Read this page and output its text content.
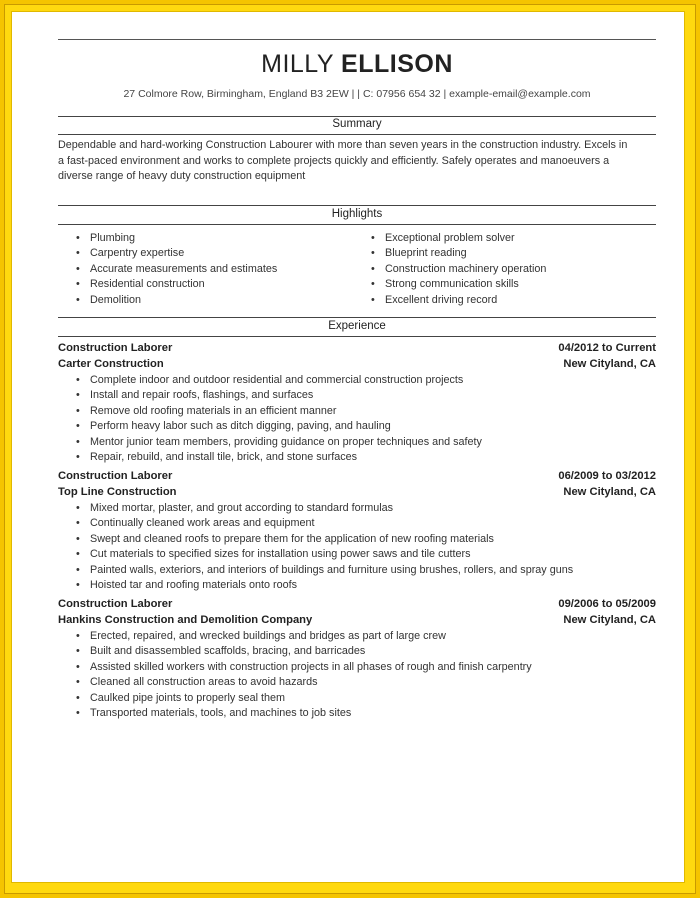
MILLY ELLISON
27 Colmore Row, Birmingham, England B3 2EW | | C: 07956 654 32 | example-email@example.com
Summary
Dependable and hard-working Construction Labourer with more than seven years in the construction industry. Excels in a fast-paced environment and works to complete projects quickly and efficiently. Safely operates and manoeuvers a diverse range of heavy duty construction equipment
Highlights
• Plumbing
• Carpentry expertise
• Accurate measurements and estimates
• Residential construction
• Demolition
• Exceptional problem solver
• Blueprint reading
• Construction machinery operation
• Strong communication skills
• Excellent driving record
Experience
Construction Laborer	04/2012 to Current
Carter Construction	New Cityland, CA
• Complete indoor and outdoor residential and commercial construction projects
• Install and repair roofs, flashings, and surfaces
• Remove old roofing materials in an efficient manner
• Perform heavy labor such as ditch digging, paving, and hauling
• Mentor junior team members, providing guidance on proper techniques and safety
• Repair, rebuild, and install tile, brick, and stone surfaces
Construction Laborer	06/2009 to 03/2012
Top Line Construction	New Cityland, CA
• Mixed mortar, plaster, and grout according to standard formulas
• Continually cleaned work areas and equipment
• Swept and cleaned roofs to prepare them for the application of new roofing materials
• Cut materials to specified sizes for installation using power saws and tile cutters
• Painted walls, exteriors, and interiors of buildings and furniture using brushes, rollers, and spray guns
• Hoisted tar and roofing materials onto roofs
Construction Laborer	09/2006 to 05/2009
Hankins Construction and Demolition Company	New Cityland, CA
• Erected, repaired, and wrecked buildings and bridges as part of large crew
• Built and disassembled scaffolds, bracing, and barricades
• Assisted skilled workers with construction projects in all phases of rough and finish carpentry
• Cleaned all construction areas to avoid hazards
• Caulked pipe joints to properly seal them
• Transported materials, tools, and machines to job sites
